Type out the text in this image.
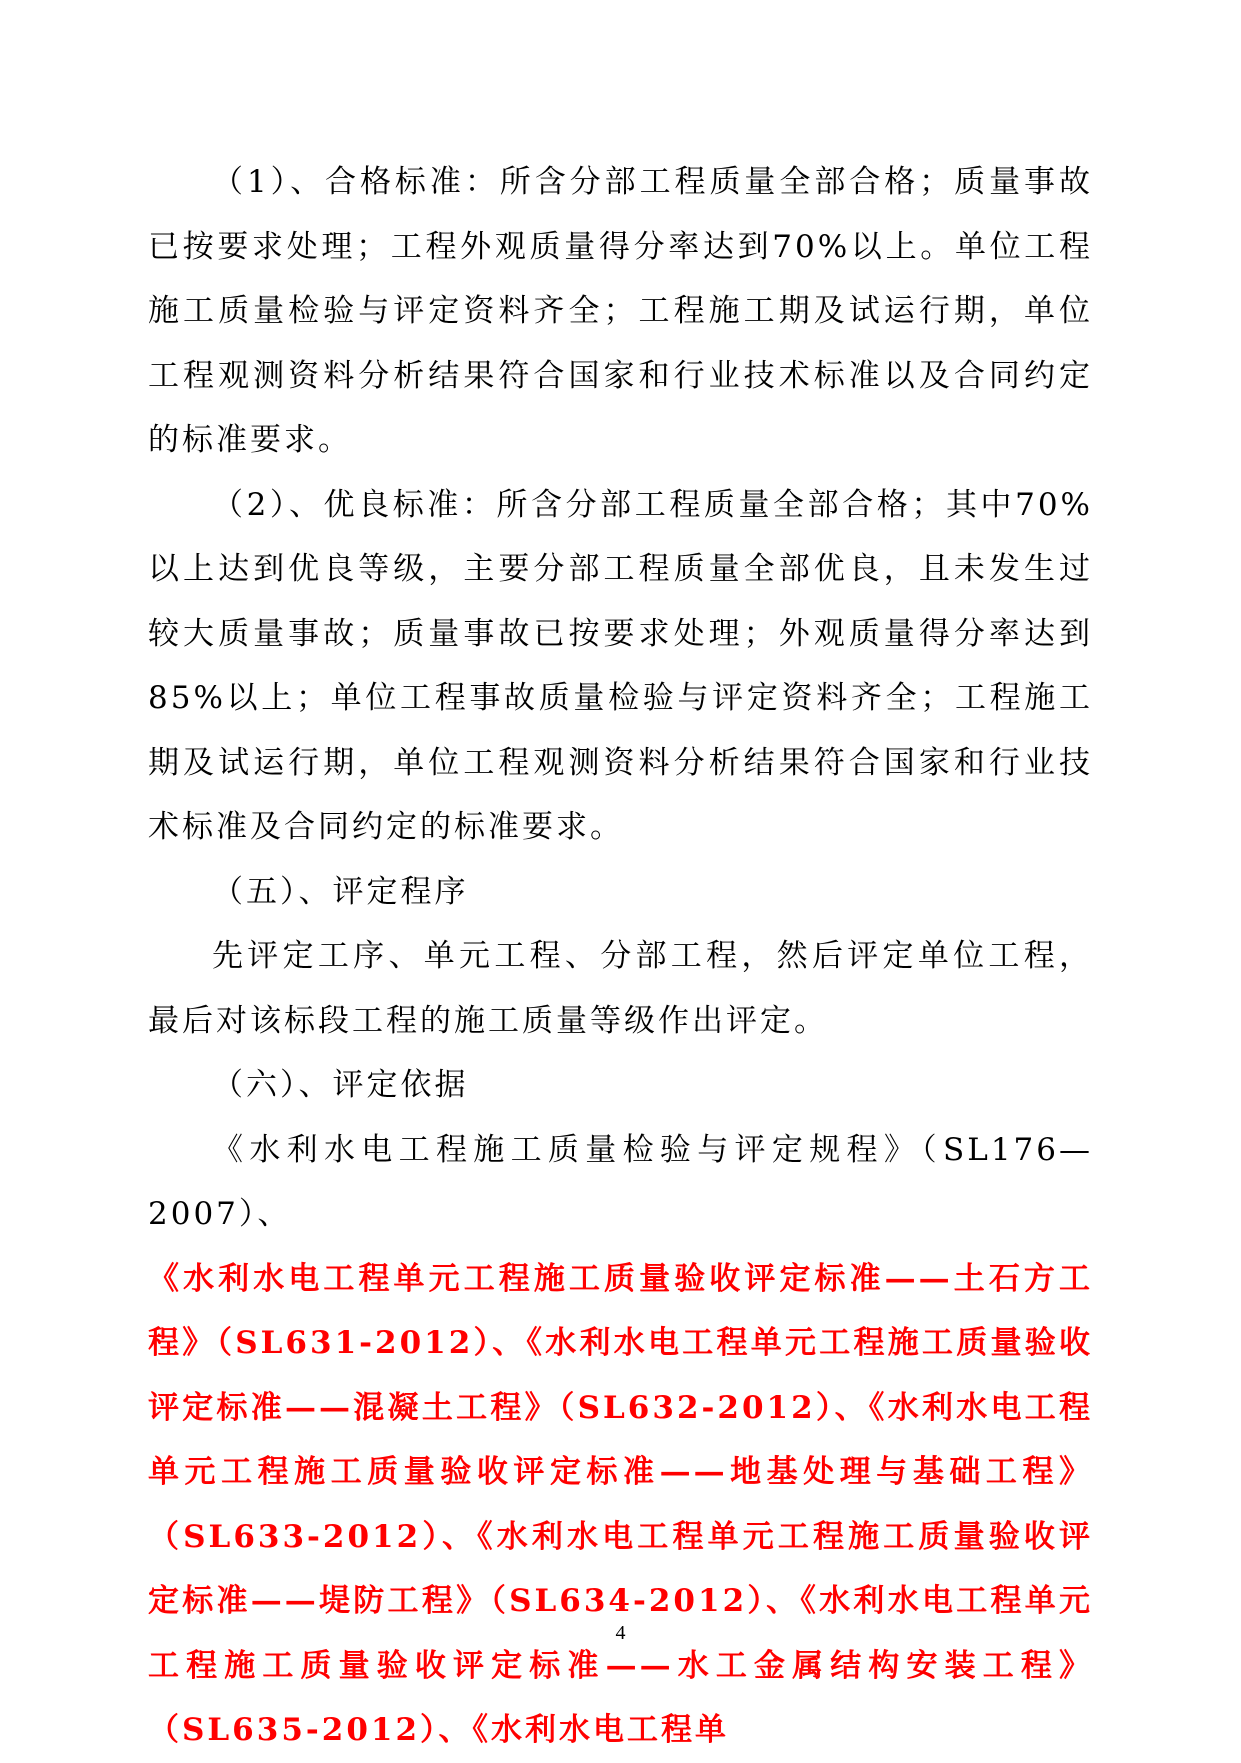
（1）、合格标准：所含分部工程质量全部合格；质量事故已按要求处理；工程外观质量得分率达到70%以上。单位工程施工质量检验与评定资料齐全；工程施工期及试运行期，单位工程观测资料分析结果符合国家和行业技术标准以及合同约定的标准要求。

（2）、优良标准：所含分部工程质量全部合格；其中70%以上达到优良等级，主要分部工程质量全部优良，且未发生过较大质量事故；质量事故已按要求处理；外观质量得分率达到85%以上；单位工程事故质量检验与评定资料齐全；工程施工期及试运行期，单位工程观测资料分析结果符合国家和行业技术标准及合同约定的标准要求。

（五）、评定程序

先评定工序、单元工程、分部工程，然后评定单位工程，最后对该标段工程的施工质量等级作出评定。

（六）、评定依据

《水利水电工程施工质量检验与评定规程》（SL176—2007）、

《水利水电工程单元工程施工质量验收评定标准——土石方工程》（SL631-2012）、《水利水电工程单元工程施工质量验收评定标准——混凝土工程》（SL632-2012）、《水利水电工程单元工程施工质量验收评定标准——地基处理与基础工程》（SL633-2012）、《水利水电工程单元工程施工质量验收评定标准——堤防工程》（SL634-2012）、《水利水电工程单元工程施工质量验收评定标准——水工金属结构安装工程》（SL635-2012）、《水利水电工程单

4
